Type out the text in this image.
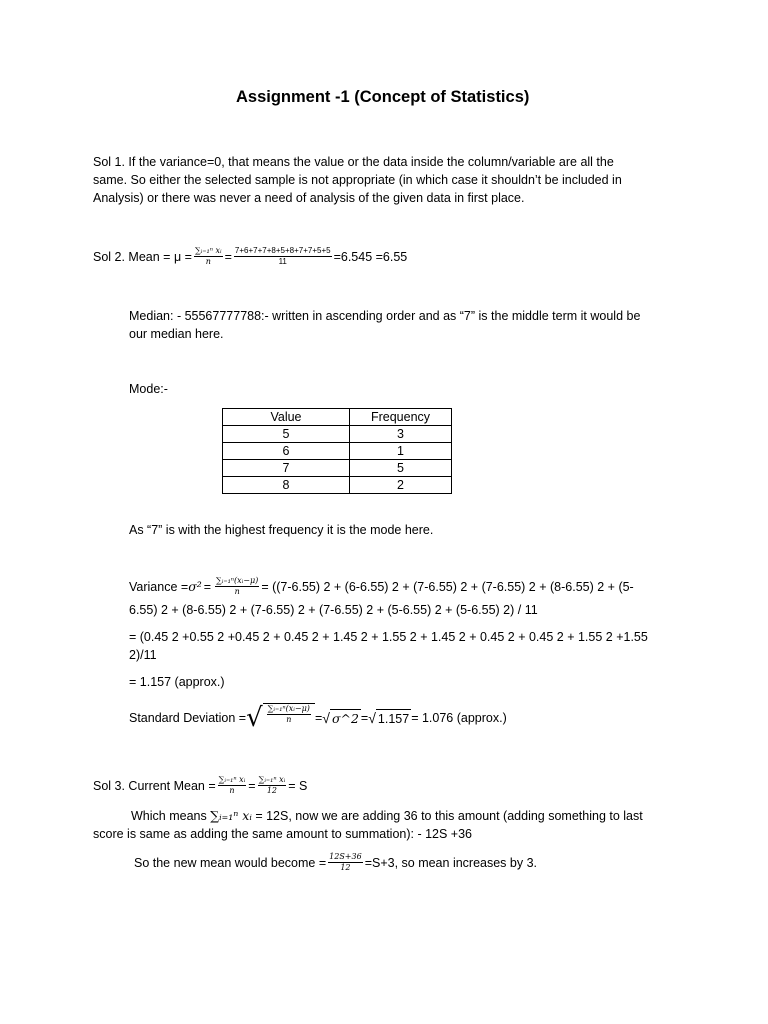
Assignment -1 (Concept of Statistics)
Sol 1. If the variance=0, that means the value or the data inside the column/variable are all the
same. So either the selected sample is not appropriate (in which case it shouldn’t be included in
Analysis) or there was never a need of analysis of the given data in first place.
Sol 2. Mean = $\mu = \frac{\text{∑ᵢ₌₁ⁿ xᵢ}}{n} = \frac{7+6+7+7+8+5+8+7+7+5+5}{11} =6.545 =6.55$
Median: - 55567777788:- written in ascending order and as “7” is the middle term it would be
our median here.
Mode:-
Value	Frequency
5	3
6	1
7	5
8	2
As “7” is with the highest frequency it is the mode here.
Variance = $\sigma^2 = \frac{\text{∑ᵢ₌₁ⁿ(xᵢ−μ)}}{n} = ((7-6.55) 2 + (6-6.55) 2 + (7-6.55) 2 + (7-6.55) 2 + (8-6.55) 2 + (5-$
6.55) 2 + (8-6.55) 2 + (7-6.55) 2 + (7-6.55) 2 + (5-6.55) 2 + (5-6.55) 2) / 11
= (0.45 2 +0.55 2 +0.45 2 + 0.45 2 + 1.45 2 + 1.55 2 + 1.45 2 + 0.45 2 + 0.45 2 + 1.55 2 +1.55
2)/11
= 1.157 (approx.)
Standard Deviation = √ $\frac{\text{∑ᵢ₌₁ⁿ(xᵢ−μ)}}{n}$ = √ σ^2 = √ 1.157 = 1.076 (approx.)
Sol 3. Current Mean = $\frac{\text{∑ᵢ₌₁ⁿ xᵢ}}{n} = \frac{\text{∑ᵢ₌₁ⁿ xᵢ}}{12} = S$
Which means ∑ᵢ₌₁ⁿ xᵢ = 12S, now we are adding 36 to this amount (adding something to last
score is same as adding the same amount to summation): - 12S +36
So the new mean would become = $\frac{12S+36}{12} =S+3$, so mean increases by 3.
